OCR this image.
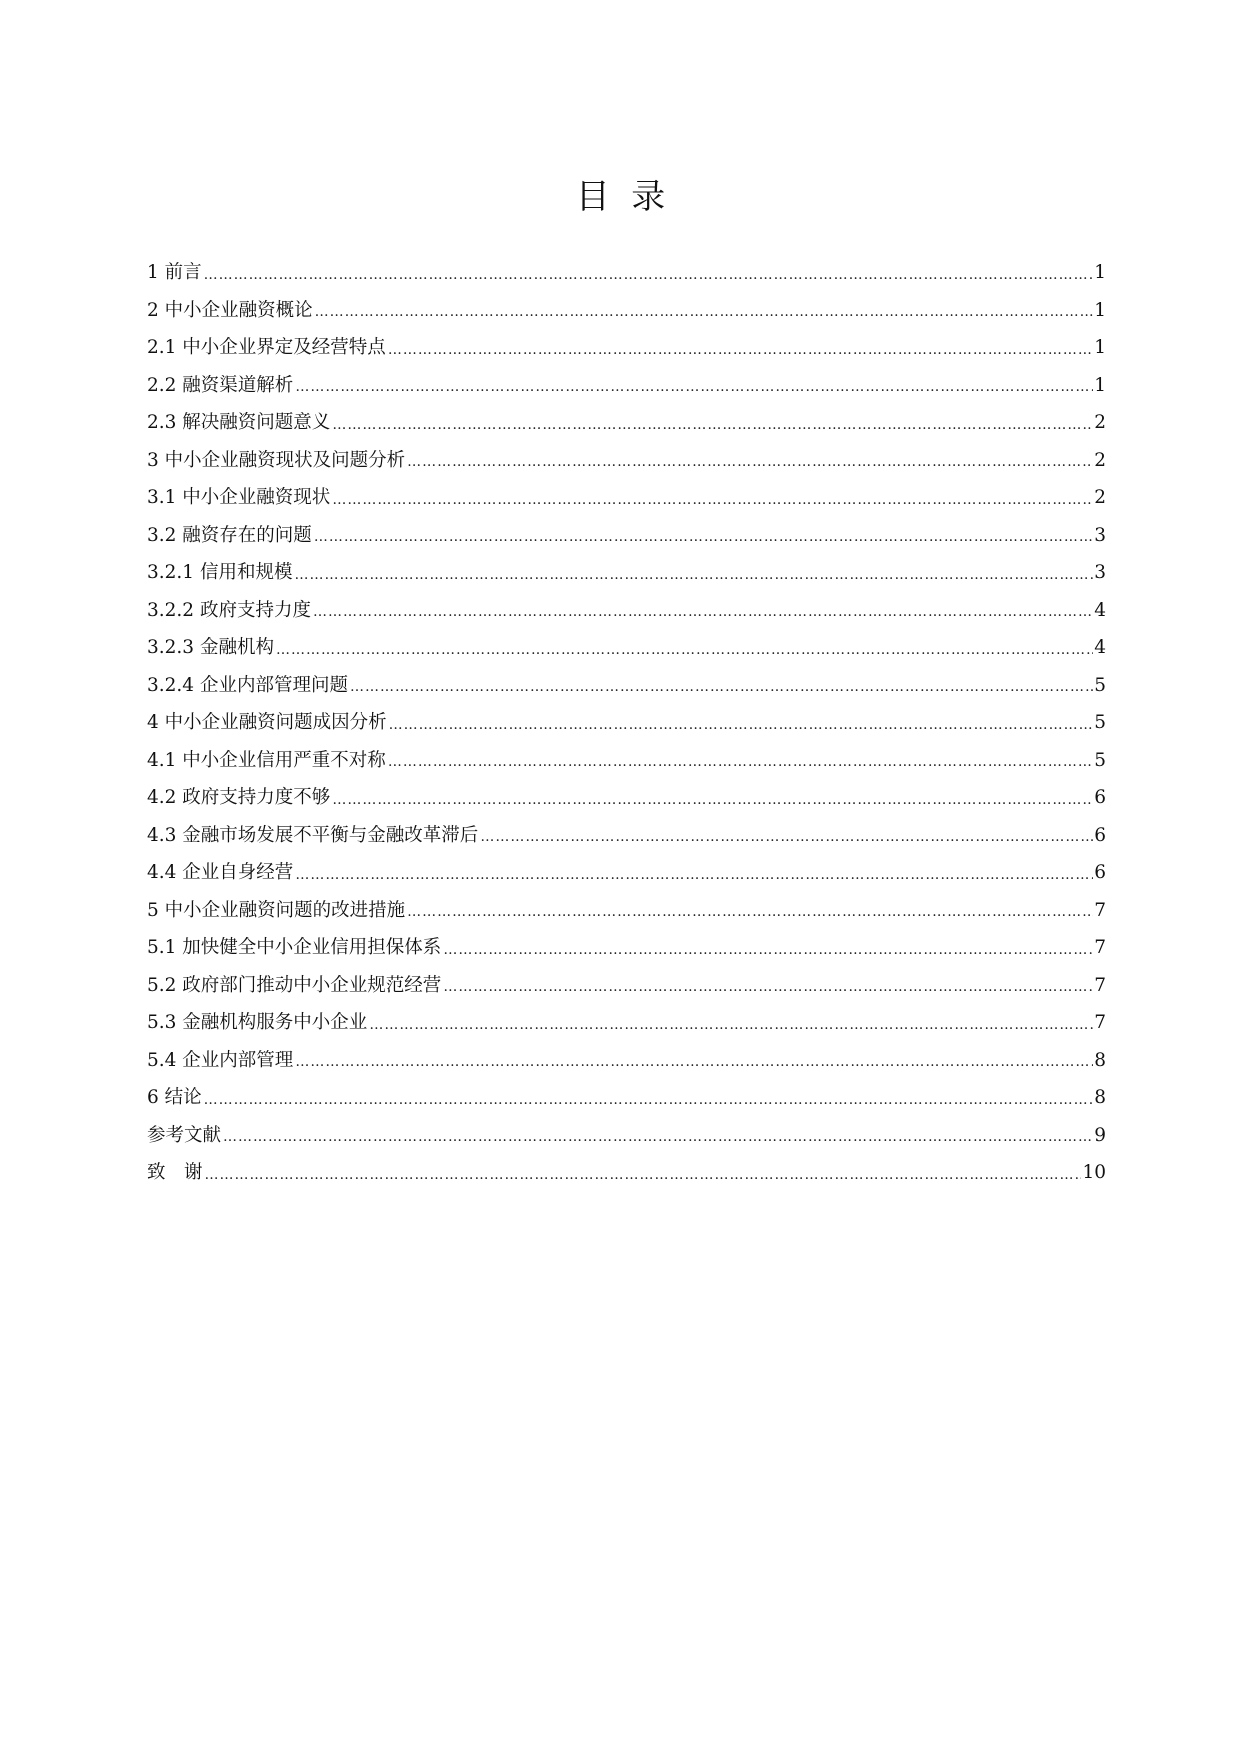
目  录
1 前言 ……………………………………………………………………………………………………………………………………………………………………………………………………………………………………………………………………	1
2 中小企业融资概论 ……………………………………………………………………………………………………………………………………………………………………………………………………………………………………………………………………	1
2.1 中小企业界定及经营特点 ……………………………………………………………………………………………………………………………………………………………………………………………………………………………………………………………………	1
2.2 融资渠道解析 ……………………………………………………………………………………………………………………………………………………………………………………………………………………………………………………………………	1
2.3 解决融资问题意义 ……………………………………………………………………………………………………………………………………………………………………………………………………………………………………………………………………	2
3 中小企业融资现状及问题分析 ……………………………………………………………………………………………………………………………………………………………………………………………………………………………………………………………………	2
3.1 中小企业融资现状 ……………………………………………………………………………………………………………………………………………………………………………………………………………………………………………………………………	2
3.2 融资存在的问题 ……………………………………………………………………………………………………………………………………………………………………………………………………………………………………………………………………	3
3.2.1 信用和规模 ……………………………………………………………………………………………………………………………………………………………………………………………………………………………………………………………………	3
3.2.2 政府支持力度 ……………………………………………………………………………………………………………………………………………………………………………………………………………………………………………………………………	4
3.2.3 金融机构 ……………………………………………………………………………………………………………………………………………………………………………………………………………………………………………………………………	4
3.2.4 企业内部管理问题 ……………………………………………………………………………………………………………………………………………………………………………………………………………………………………………………………………	5
4 中小企业融资问题成因分析 ……………………………………………………………………………………………………………………………………………………………………………………………………………………………………………………………………	5
4.1 中小企业信用严重不对称 ……………………………………………………………………………………………………………………………………………………………………………………………………………………………………………………………………	5
4.2 政府支持力度不够 ……………………………………………………………………………………………………………………………………………………………………………………………………………………………………………………………………	6
4.3 金融市场发展不平衡与金融改革滞后 ……………………………………………………………………………………………………………………………………………………………………………………………………………………………………………………………………	6
4.4 企业自身经营 ……………………………………………………………………………………………………………………………………………………………………………………………………………………………………………………………………	6
5 中小企业融资问题的改进措施 ……………………………………………………………………………………………………………………………………………………………………………………………………………………………………………………………………	7
5.1 加快健全中小企业信用担保体系 ……………………………………………………………………………………………………………………………………………………………………………………………………………………………………………………………………	7
5.2 政府部门推动中小企业规范经营 ……………………………………………………………………………………………………………………………………………………………………………………………………………………………………………………………………	7
5.3 金融机构服务中小企业 ……………………………………………………………………………………………………………………………………………………………………………………………………………………………………………………………………	7
5.4 企业内部管理 ……………………………………………………………………………………………………………………………………………………………………………………………………………………………………………………………………	8
6 结论 ……………………………………………………………………………………………………………………………………………………………………………………………………………………………………………………………………	8
参考文献 ……………………………………………………………………………………………………………………………………………………………………………………………………………………………………………………………………	9
致　谢 ……………………………………………………………………………………………………………………………………………………………………………………………………………………………………………………………………	10
